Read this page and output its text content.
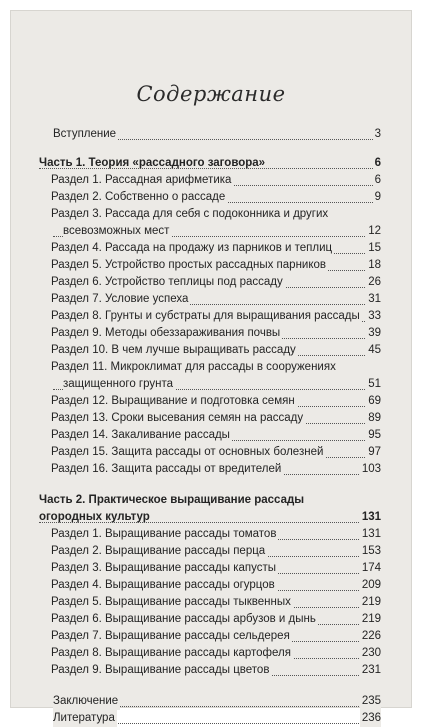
Содержание
Вступление	3
Часть 1. Теория «рассадного заговора»	6
Раздел 1. Рассадная арифметика	6
Раздел 2. Собственно о рассаде	9
Раздел 3. Рассада для себя с подоконника и других
всевозможных мест	12
Раздел 4. Рассада на продажу из парников и теплиц	15
Раздел 5. Устройство простых рассадных парников	18
Раздел 6. Устройство теплицы под рассаду	26
Раздел 7. Условие успеха	31
Раздел 8. Грунты и субстраты для выращивания рассады 33
Раздел 9. Методы обеззараживания почвы	39
Раздел 10. В чем лучше выращивать рассаду	45
Раздел 11. Микроклимат для рассады в сооружениях
защищенного грунта	51
Раздел 12. Выращивание и подготовка семян	69
Раздел 13. Сроки высевания семян на рассаду	89
Раздел 14. Закаливание рассады	95
Раздел 15. Защита рассады от основных болезней	97
Раздел 16. Защита рассады от вредителей	103
Часть 2. Практическое выращивание рассады
огородных культур	131
Раздел 1. Выращивание рассады томатов	131
Раздел 2. Выращивание рассады перца	153
Раздел 3. Выращивание рассады капусты	174
Раздел 4. Выращивание рассады огурцов	209
Раздел 5. Выращивание рассады тыквенных	219
Раздел 6. Выращивание рассады арбузов и дынь	219
Раздел 7. Выращивание рассады сельдерея	226
Раздел 8. Выращивание рассады картофеля	230
Раздел 9. Выращивание рассады цветов	231
Заключение	235
Литература	236
